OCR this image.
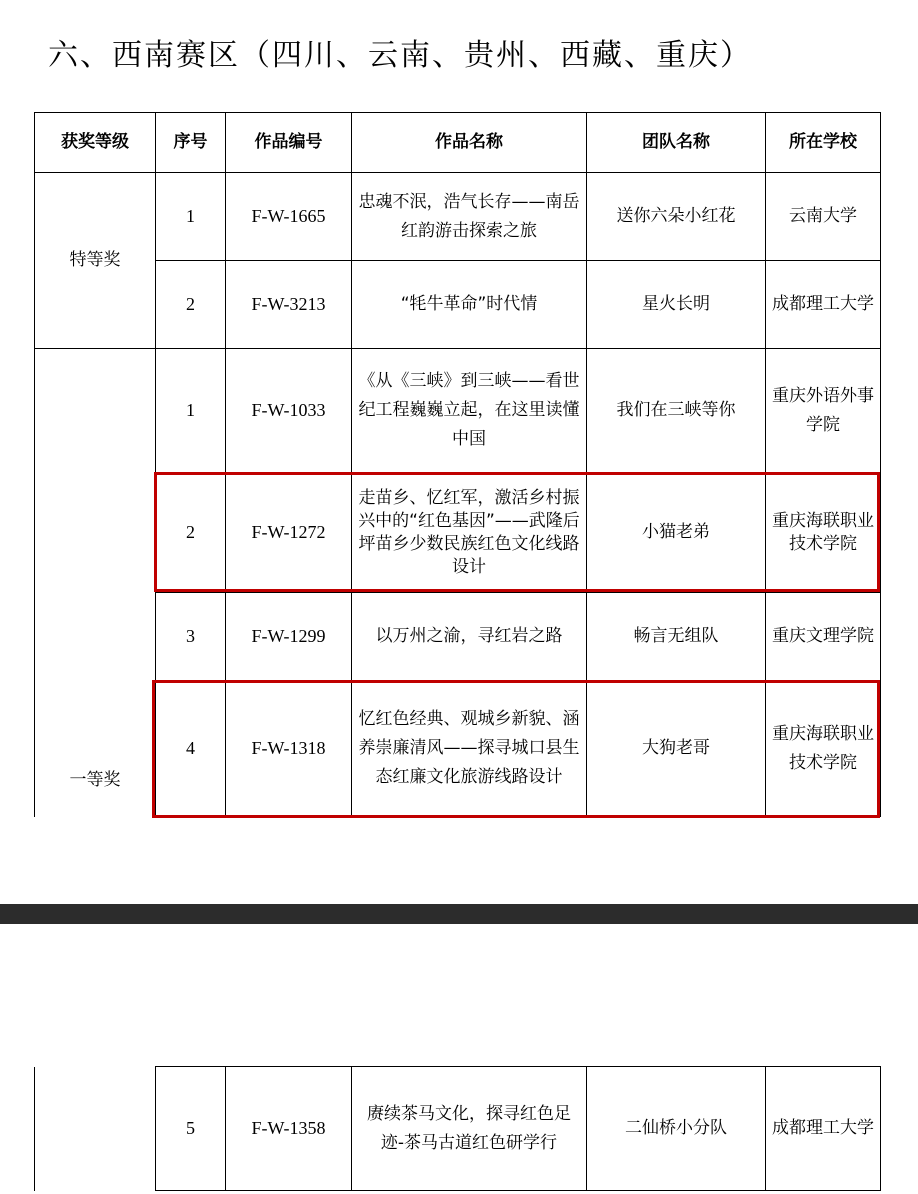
六、西南赛区（四川、云南、贵州、西藏、重庆）
获奖等级	序号	作品编号	作品名称	团队名称	所在学校
特等奖	1	F-W-1665	忠魂不泯，浩气长存——南岳红韵游击探索之旅	送你六朵小红花	云南大学
	2	F-W-3213	“牦牛革命”时代情	星火长明	成都理工大学
一等奖	1	F-W-1033	《从《三峡》到三峡——看世纪工程巍巍立起，在这里读懂中国	我们在三峡等你	重庆外语外事学院
	2	F-W-1272	走苗乡、忆红军，激活乡村振兴中的“红色基因”——武隆后坪苗乡少数民族红色文化线路设计	小猫老弟	重庆海联职业技术学院
	3	F-W-1299	以万州之渝，寻红岩之路	畅言无组队	重庆文理学院
	4	F-W-1318	忆红色经典、观城乡新貌、涵养崇廉清风——探寻城口县生态红廉文化旅游线路设计	大狗老哥	重庆海联职业技术学院
	5	F-W-1358	赓续茶马文化，探寻红色足迹-茶马古道红色研学行	二仙桥小分队	成都理工大学
